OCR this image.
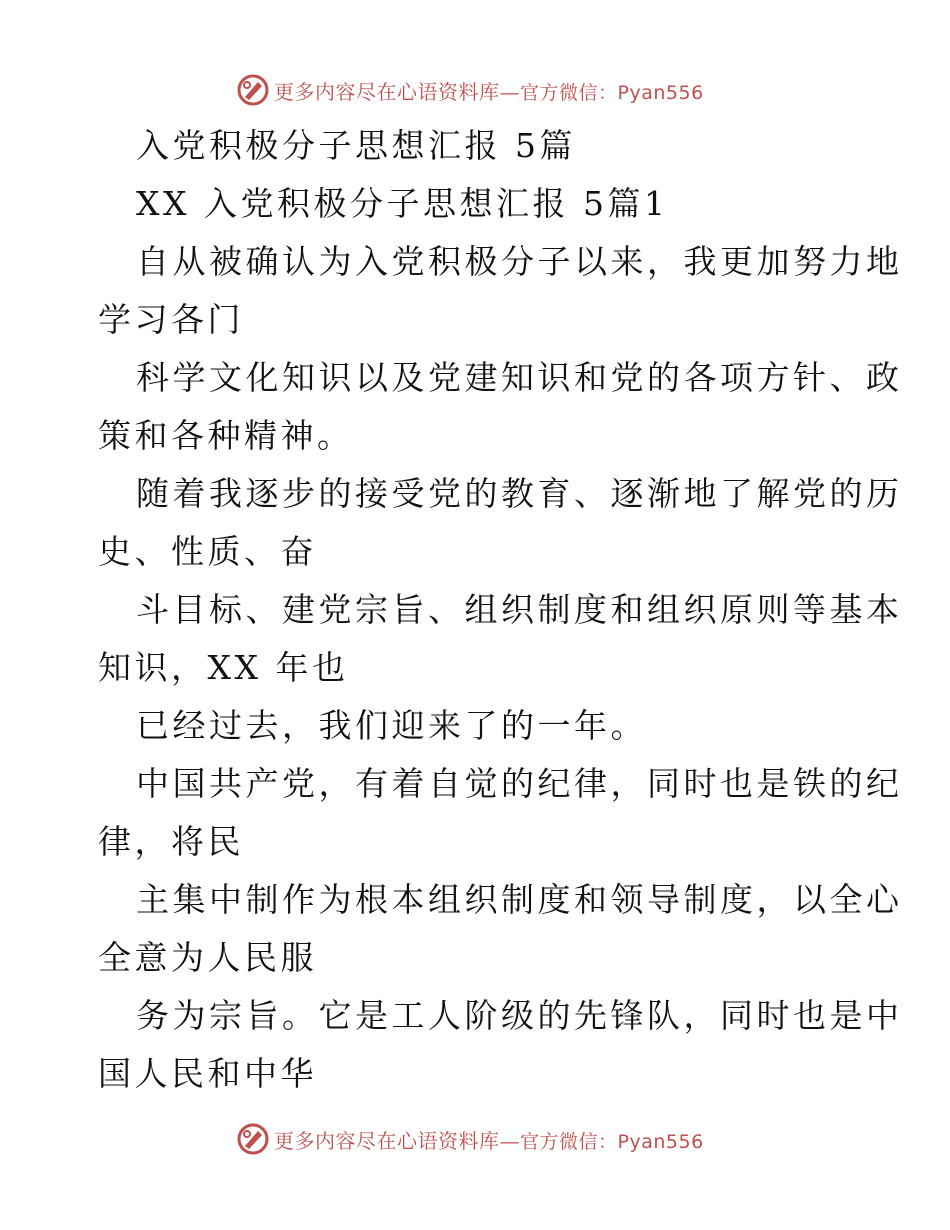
更多内容尽在心语资料库—官方微信：Pyan556
入党积极分子思想汇报 5篇
XX 入党积极分子思想汇报 5篇1
自从被确认为入党积极分子以来，我更加努力地
学习各门
科学文化知识以及党建知识和党的各项方针、政
策和各种精神。
随着我逐步的接受党的教育、逐渐地了解党的历
史、性质、奋
斗目标、建党宗旨、组织制度和组织原则等基本
知识，XX 年也
已经过去，我们迎来了的一年。
中国共产党，有着自觉的纪律，同时也是铁的纪
律，将民
主集中制作为根本组织制度和领导制度，以全心
全意为人民服
务为宗旨。它是工人阶级的先锋队，同时也是中
国人民和中华
更多内容尽在心语资料库—官方微信：Pyan556
